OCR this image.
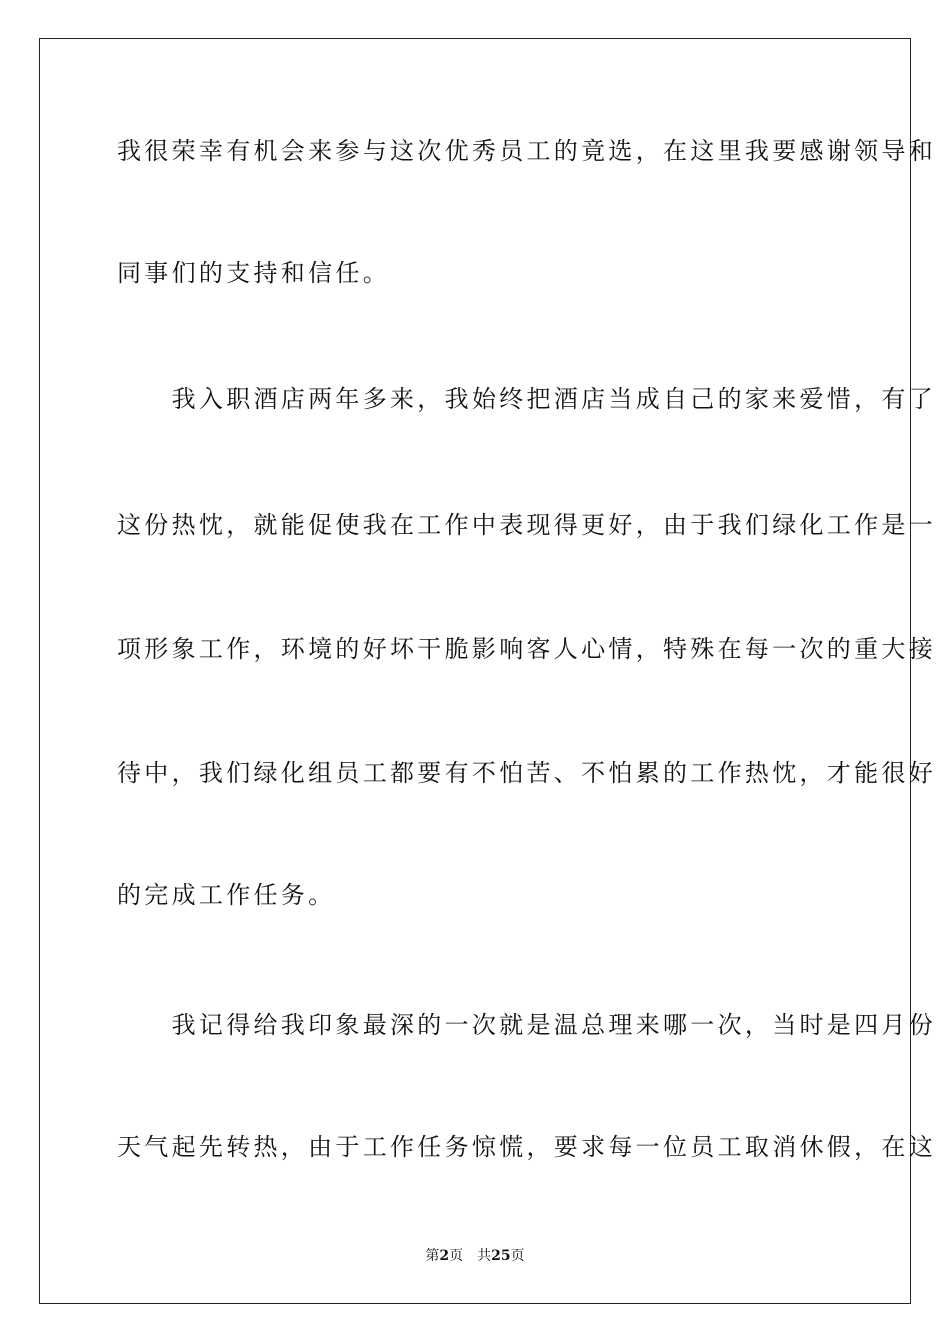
我很荣幸有机会来参与这次优秀员工的竟选，在这里我要感谢领导和
同事们的支持和信任。
　　我入职酒店两年多来，我始终把酒店当成自己的家来爱惜，有了
这份热忱，就能促使我在工作中表现得更好，由于我们绿化工作是一
项形象工作，环境的好坏干脆影响客人心情，特殊在每一次的重大接
待中，我们绿化组员工都要有不怕苦、不怕累的工作热忱，才能很好
的完成工作任务。
　　我记得给我印象最深的一次就是温总理来哪一次，当时是四月份
天气起先转热，由于工作任务惊慌，要求每一位员工取消休假，在这
第2页 共25页
